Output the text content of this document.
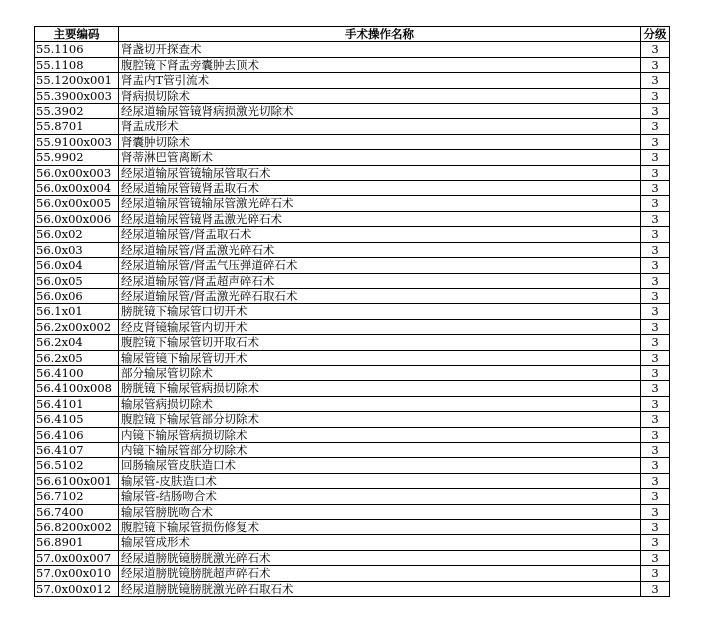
主要编码	手术操作名称	分级
55.1106	肾盏切开探查术	3
55.1108	腹腔镜下肾盂旁囊肿去顶术	3
55.1200x001	肾盂内T管引流术	3
55.3900x003	肾病损切除术	3
55.3902	经尿道输尿管镜肾病损激光切除术	3
55.8701	肾盂成形术	3
55.9100x003	肾囊肿切除术	3
55.9902	肾蒂淋巴管离断术	3
56.0x00x003	经尿道输尿管镜输尿管取石术	3
56.0x00x004	经尿道输尿管镜肾盂取石术	3
56.0x00x005	经尿道输尿管镜输尿管激光碎石术	3
56.0x00x006	经尿道输尿管镜肾盂激光碎石术	3
56.0x02	经尿道输尿管/肾盂取石术	3
56.0x03	经尿道输尿管/肾盂激光碎石术	3
56.0x04	经尿道输尿管/肾盂气压弹道碎石术	3
56.0x05	经尿道输尿管/肾盂超声碎石术	3
56.0x06	经尿道输尿管/肾盂激光碎石取石术	3
56.1x01	膀胱镜下输尿管口切开术	3
56.2x00x002	经皮肾镜输尿管内切开术	3
56.2x04	腹腔镜下输尿管切开取石术	3
56.2x05	输尿管镜下输尿管切开术	3
56.4100	部分输尿管切除术	3
56.4100x008	膀胱镜下输尿管病损切除术	3
56.4101	输尿管病损切除术	3
56.4105	腹腔镜下输尿管部分切除术	3
56.4106	内镜下输尿管病损切除术	3
56.4107	内镜下输尿管部分切除术	3
56.5102	回肠输尿管皮肤造口术	3
56.6100x001	输尿管-皮肤造口术	3
56.7102	输尿管-结肠吻合术	3
56.7400	输尿管膀胱吻合术	3
56.8200x002	腹腔镜下输尿管损伤修复术	3
56.8901	输尿管成形术	3
57.0x00x007	经尿道膀胱镜膀胱激光碎石术	3
57.0x00x010	经尿道膀胱镜膀胱超声碎石术	3
57.0x00x012	经尿道膀胱镜膀胱激光碎石取石术	3
